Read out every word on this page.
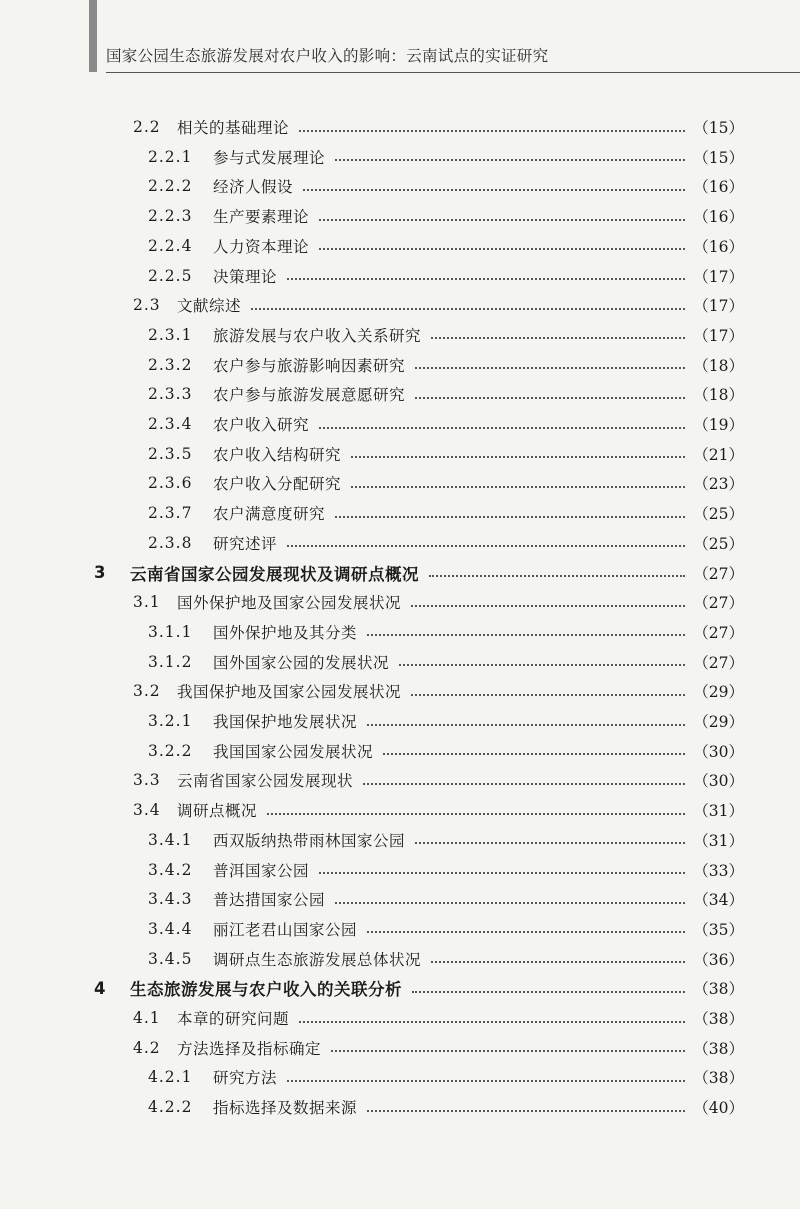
国家公园生态旅游发展对农户收入的影响：云南试点的实证研究
2.2	相关的基础理论	（15）
2.2.1	参与式发展理论	（15）
2.2.2	经济人假设	（16）
2.2.3	生产要素理论	（16）
2.2.4	人力资本理论	（16）
2.2.5	决策理论	（17）
2.3	文献综述	（17）
2.3.1	旅游发展与农户收入关系研究	（17）
2.3.2	农户参与旅游影响因素研究	（18）
2.3.3	农户参与旅游发展意愿研究	（18）
2.3.4	农户收入研究	（19）
2.3.5	农户收入结构研究	（21）
2.3.6	农户收入分配研究	（23）
2.3.7	农户满意度研究	（25）
2.3.8	研究述评	（25）
3	云南省国家公园发展现状及调研点概况	（27）
3.1	国外保护地及国家公园发展状况	（27）
3.1.1	国外保护地及其分类	（27）
3.1.2	国外国家公园的发展状况	（27）
3.2	我国保护地及国家公园发展状况	（29）
3.2.1	我国保护地发展状况	（29）
3.2.2	我国国家公园发展状况	（30）
3.3	云南省国家公园发展现状	（30）
3.4	调研点概况	（31）
3.4.1	西双版纳热带雨林国家公园	（31）
3.4.2	普洱国家公园	（33）
3.4.3	普达措国家公园	（34）
3.4.4	丽江老君山国家公园	（35）
3.4.5	调研点生态旅游发展总体状况	（36）
4	生态旅游发展与农户收入的关联分析	（38）
4.1	本章的研究问题	（38）
4.2	方法选择及指标确定	（38）
4.2.1	研究方法	（38）
4.2.2	指标选择及数据来源	（40）
